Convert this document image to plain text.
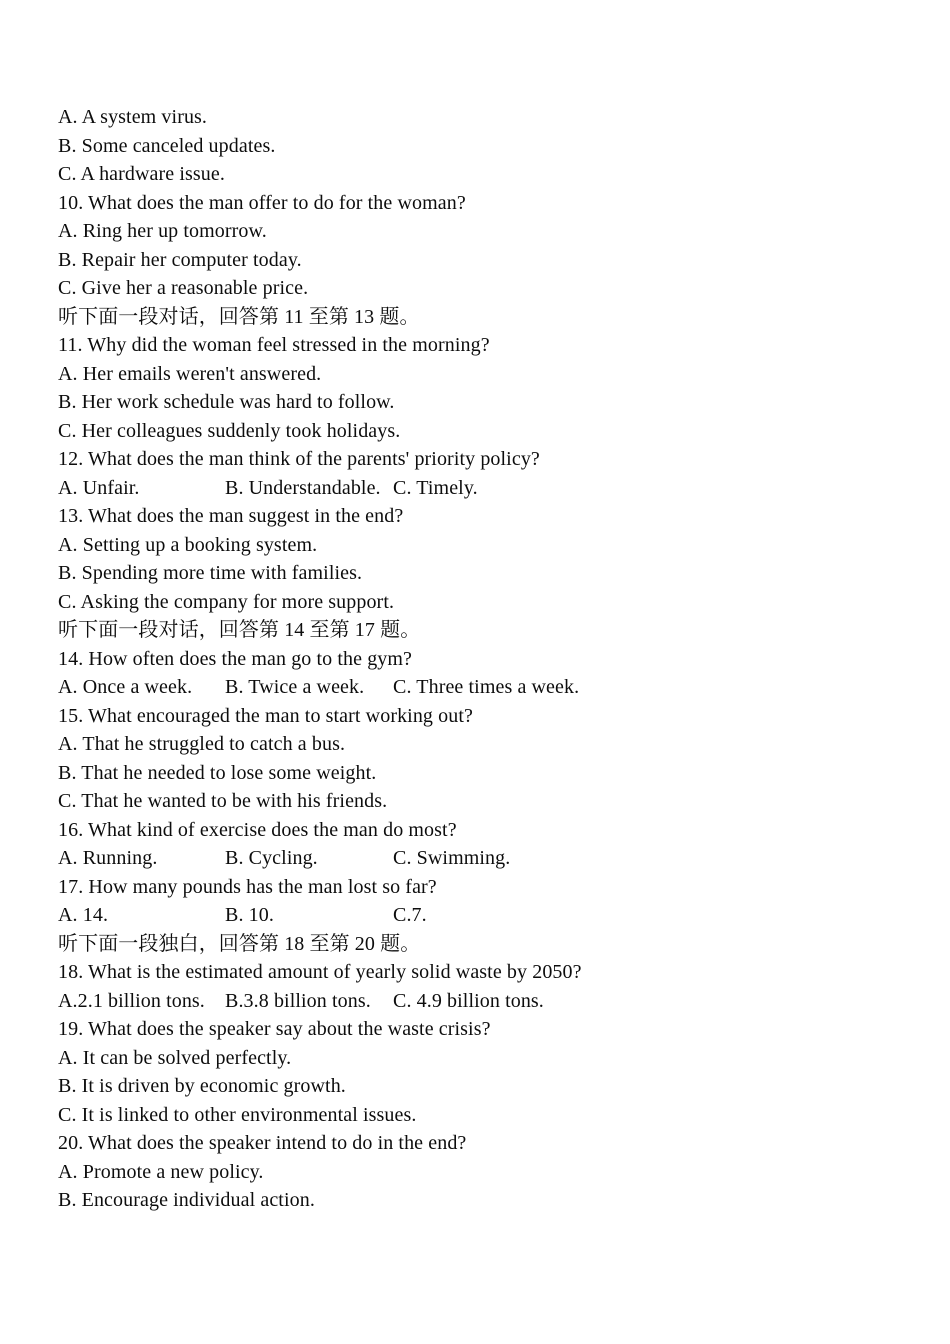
A. A system virus.
B. Some canceled updates.
C. A hardware issue.
10. What does the man offer to do for the woman?
A. Ring her up tomorrow.
B. Repair her computer today.
C. Give her a reasonable price.
听下面一段对话，回答第 11 至第 13 题。
11. Why did the woman feel stressed in the morning?
A. Her emails weren't answered.
B. Her work schedule was hard to follow.
C. Her colleagues suddenly took holidays.
12. What does the man think of the parents' priority policy?
A. Unfair.	B. Understandable. C. Timely.
13. What does the man suggest in the end?
A. Setting up a booking system.
B. Spending more time with families.
C. Asking the company for more support.
听下面一段对话，回答第 14 至第 17 题。
14. How often does the man go to the gym?
A. Once a week. B. Twice a week. C. Three times a week.
15. What encouraged the man to start working out?
A. That he struggled to catch a bus.
B. That he needed to lose some weight.
C. That he wanted to be with his friends.
16. What kind of exercise does the man do most?
A. Running.	B. Cycling.	C. Swimming.
17. How many pounds has the man lost so far?
A. 14.	B. 10.	C.7.
听下面一段独白，回答第 18 至第 20 题。
18. What is the estimated amount of yearly solid waste by 2050?
A.2.1 billion tons. B.3.8 billion tons. C. 4.9 billion tons.
19. What does the speaker say about the waste crisis?
A. It can be solved perfectly.
B. It is driven by economic growth.
C. It is linked to other environmental issues.
20. What does the speaker intend to do in the end?
A. Promote a new policy.
B. Encourage individual action.
